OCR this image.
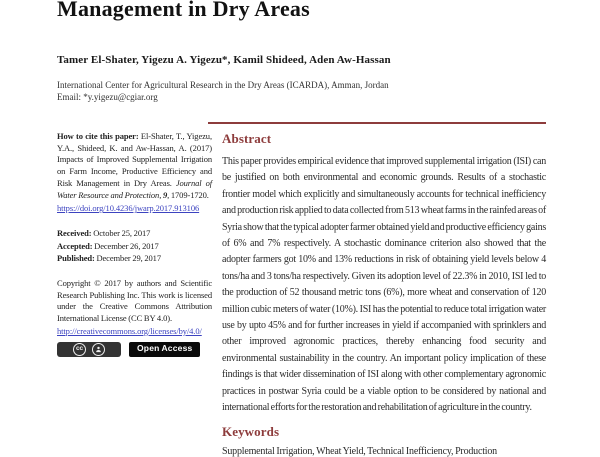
Management in Dry Areas
Tamer El-Shater, Yigezu A. Yigezu*, Kamil Shideed, Aden Aw-Hassan
International Center for Agricultural Research in the Dry Areas (ICARDA), Amman, Jordan
Email: *y.yigezu@cgiar.org

How to cite this paper: El-Shater, T., Yigezu, Y.A., Shideed, K. and Aw-Hassan, A. (2017) Impacts of Improved Supplemental Irrigation on Farm Income, Productive Efficiency and Risk Management in Dry Areas. Journal of Water Resource and Protection, 9, 1709-1720.

https://doi.org/10.4236/jwarp.2017.913106
Received: October 25, 2017
Accepted: December 26, 2017
Published: December 29, 2017

Copyright © 2017 by authors and Scientific Research Publishing Inc. This work is licensed under the Creative Commons Attribution International License (CC BY 4.0).

http://creativecommons.org/licenses/by/4.0/
cc	Open Access
Abstract

This paper provides empirical evidence that improved supplemental irrigation (ISI) can be justified on both environmental and economic grounds. Results of a stochastic frontier model which explicitly and simultaneously accounts for technical inefficiency and production risk applied to data collected from 513 wheat farms in the rainfed areas of Syria show that the typical adopter farmer obtained yield and productive efficiency gains of 6% and 7% respectively. A stochastic dominance criterion also showed that the adopter farmers got 10% and 13% reductions in risk of obtaining yield levels below 4 tons/ha and 3 tons/ha respectively. Given its adoption level of 22.3% in 2010, ISI led to the production of 52 thousand metric tons (6%), more wheat and conservation of 120 million cubic meters of water (10%). ISI has the potential to reduce total irrigation water use by upto 45% and for further increases in yield if accompanied with sprinklers and other improved agronomic practices, thereby enhancing food security and environmental sustainability in the country. An important policy implication of these findings is that wider dissemination of ISI along with other complementary agronomic practices in postwar Syria could be a viable option to be considered by national and international efforts for the restoration and rehabilitation of agriculture in the country.

Keywords

Supplemental Irrigation, Wheat Yield, Technical Inefficiency, Production
